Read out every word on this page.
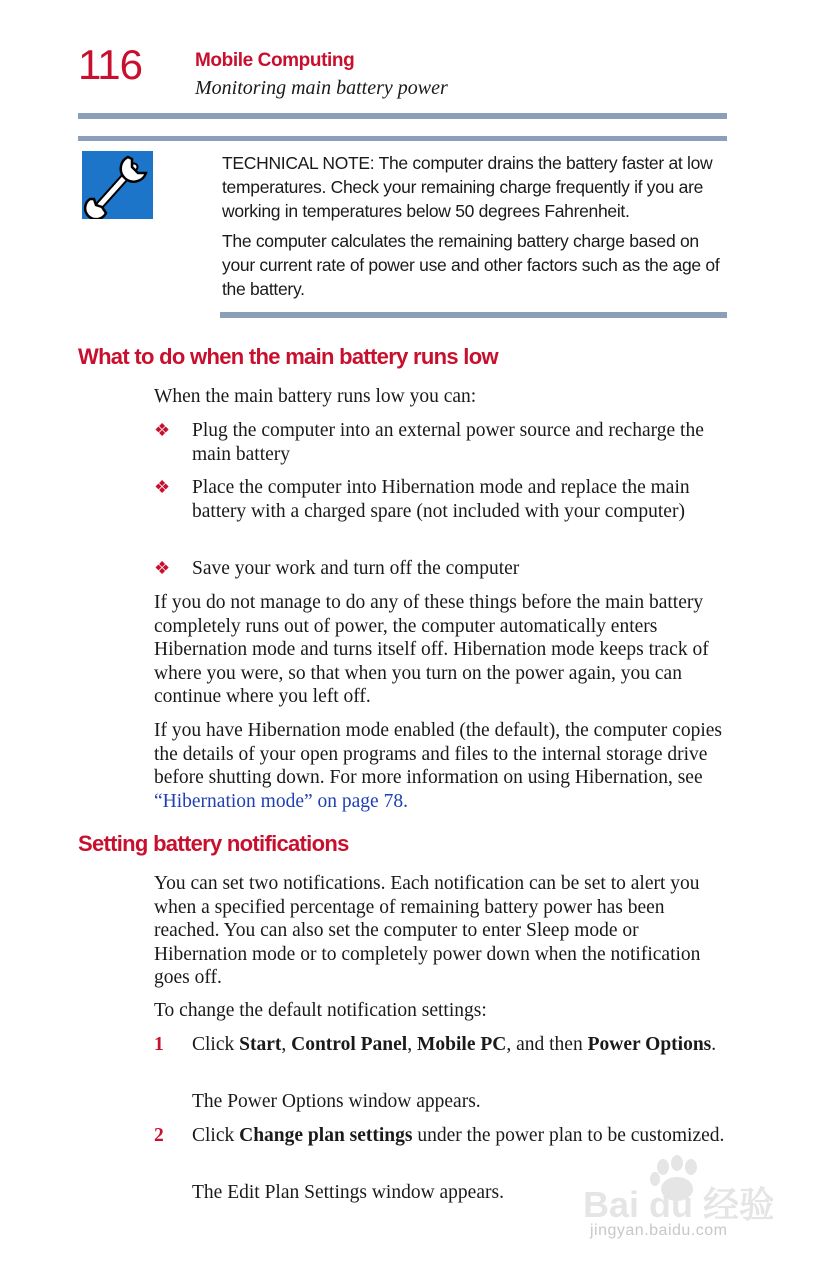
116	Mobile Computing
Monitoring main battery power
TECHNICAL NOTE: The computer drains the battery faster at low temperatures. Check your remaining charge frequently if you are working in temperatures below 50 degrees Fahrenheit.
The computer calculates the remaining battery charge based on your current rate of power use and other factors such as the age of the battery.
What to do when the main battery runs low
When the main battery runs low you can:
❖ Plug the computer into an external power source and recharge the main battery
❖ Place the computer into Hibernation mode and replace the main battery with a charged spare (not included with your computer)
❖ Save your work and turn off the computer
If you do not manage to do any of these things before the main battery completely runs out of power, the computer automatically enters Hibernation mode and turns itself off. Hibernation mode keeps track of where you were, so that when you turn on the power again, you can continue where you left off.
If you have Hibernation mode enabled (the default), the computer copies the details of your open programs and files to the internal storage drive before shutting down. For more information on using Hibernation, see “Hibernation mode” on page 78.
Setting battery notifications
You can set two notifications. Each notification can be set to alert you when a specified percentage of remaining battery power has been reached. You can also set the computer to enter Sleep mode or Hibernation mode or to completely power down when the notification goes off.
To change the default notification settings:
1 Click Start, Control Panel, Mobile PC, and then Power Options.
The Power Options window appears.
2 Click Change plan settings under the power plan to be customized.
The Edit Plan Settings window appears.	Bai du 经验
jingyan.baidu.com
